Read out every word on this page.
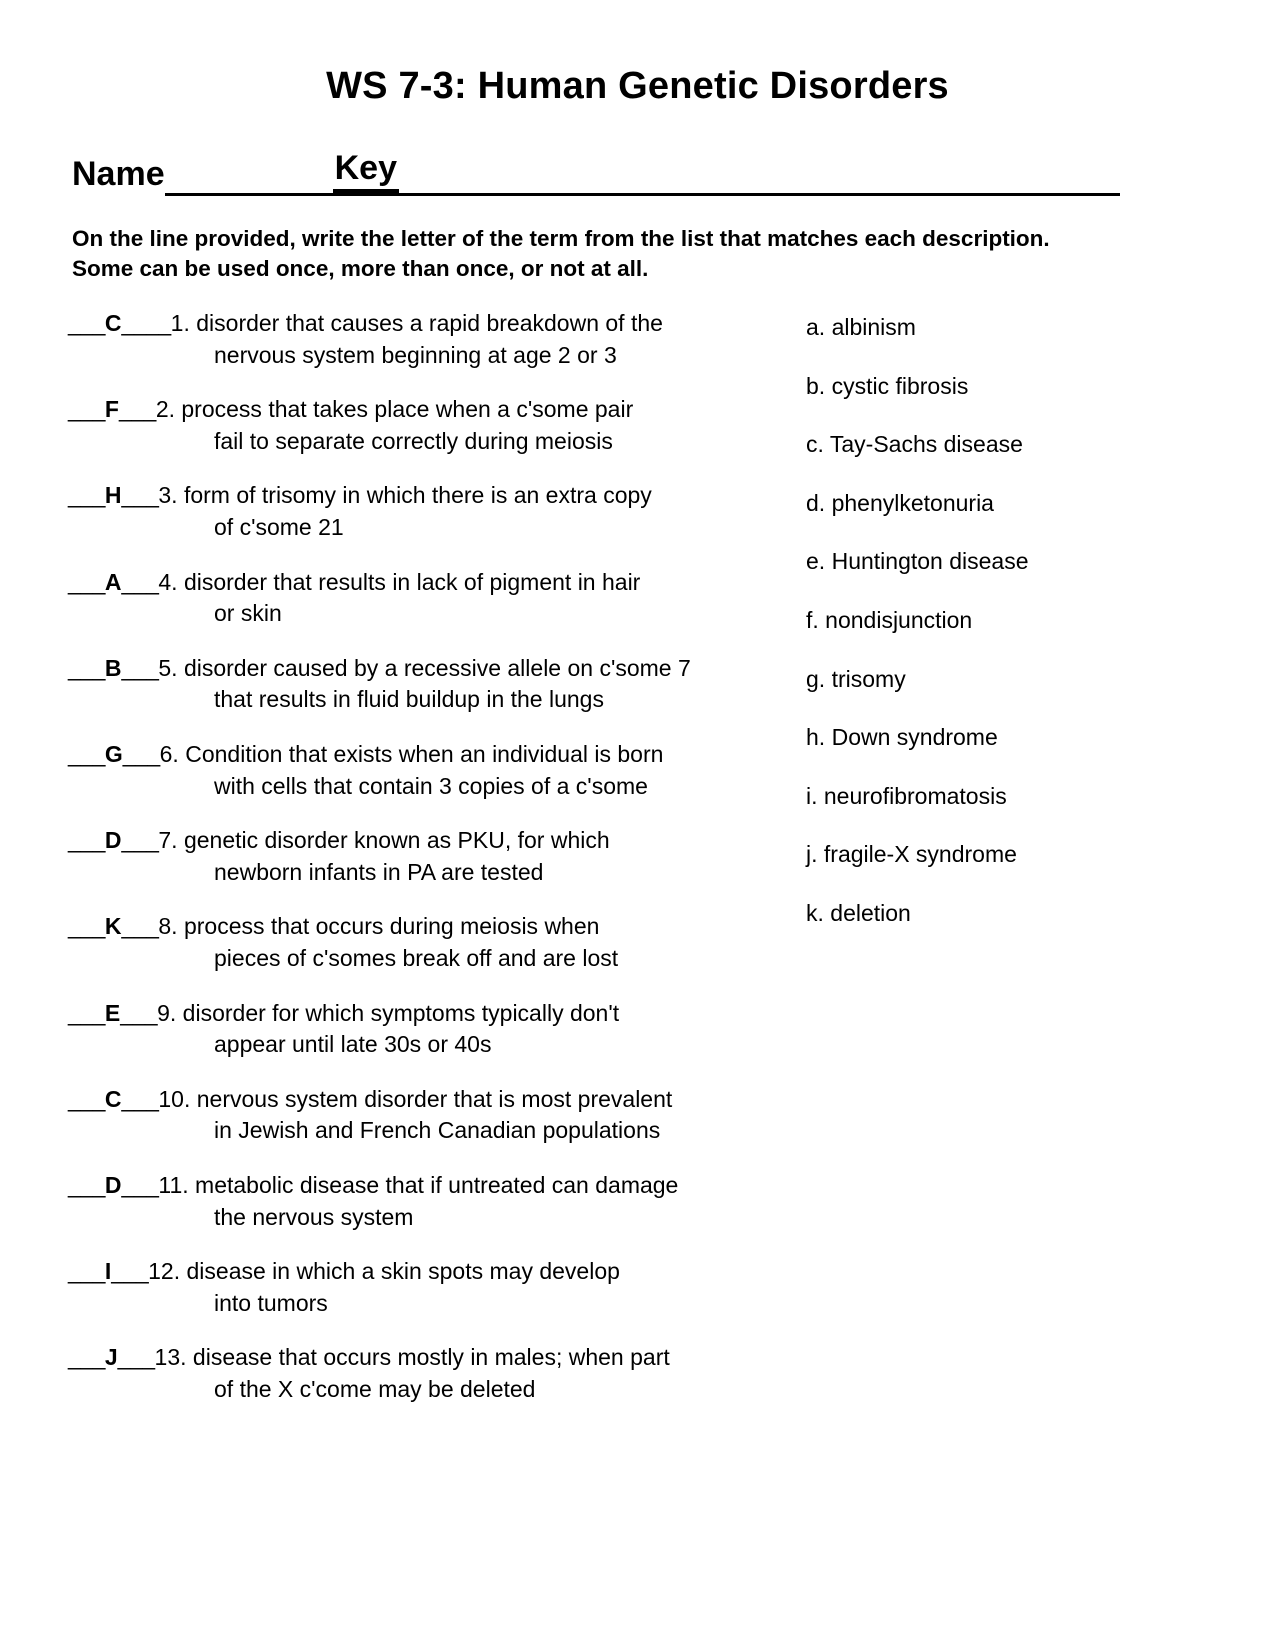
WS 7-3: Human Genetic Disorders
Name	Key
On the line provided, write the letter of the term from the list that matches each description.
Some can be used once, more than once, or not at all.
___C____1. disorder that causes a rapid breakdown of the
nervous system beginning at age 2 or 3
___F___2. process that takes place when a c'some pair
fail to separate correctly during meiosis
___H___3. form of trisomy in which there is an extra copy
of c'some 21
___A___4. disorder that results in lack of pigment in hair
or skin
___B___5. disorder caused by a recessive allele on c'some 7
that results in fluid buildup in the lungs
___G___6. Condition that exists when an individual is born
with cells that contain 3 copies of a c'some
___D___7. genetic disorder known as PKU, for which
newborn infants in PA are tested
___K___8. process that occurs during meiosis when
pieces of c'somes break off and are lost
___E___9. disorder for which symptoms typically don't
appear until late 30s or 40s
___C___10. nervous system disorder that is most prevalent
in Jewish and French Canadian populations
___D___11. metabolic disease that if untreated can damage
the nervous system
___I___12. disease in which a skin spots may develop
into tumors
___J___13. disease that occurs mostly in males; when part
of the X c'come may be deleted
a. albinism
b. cystic fibrosis
c. Tay-Sachs disease
d. phenylketonuria
e. Huntington disease
f. nondisjunction
g. trisomy
h. Down syndrome
i. neurofibromatosis
j. fragile-X syndrome
k. deletion
